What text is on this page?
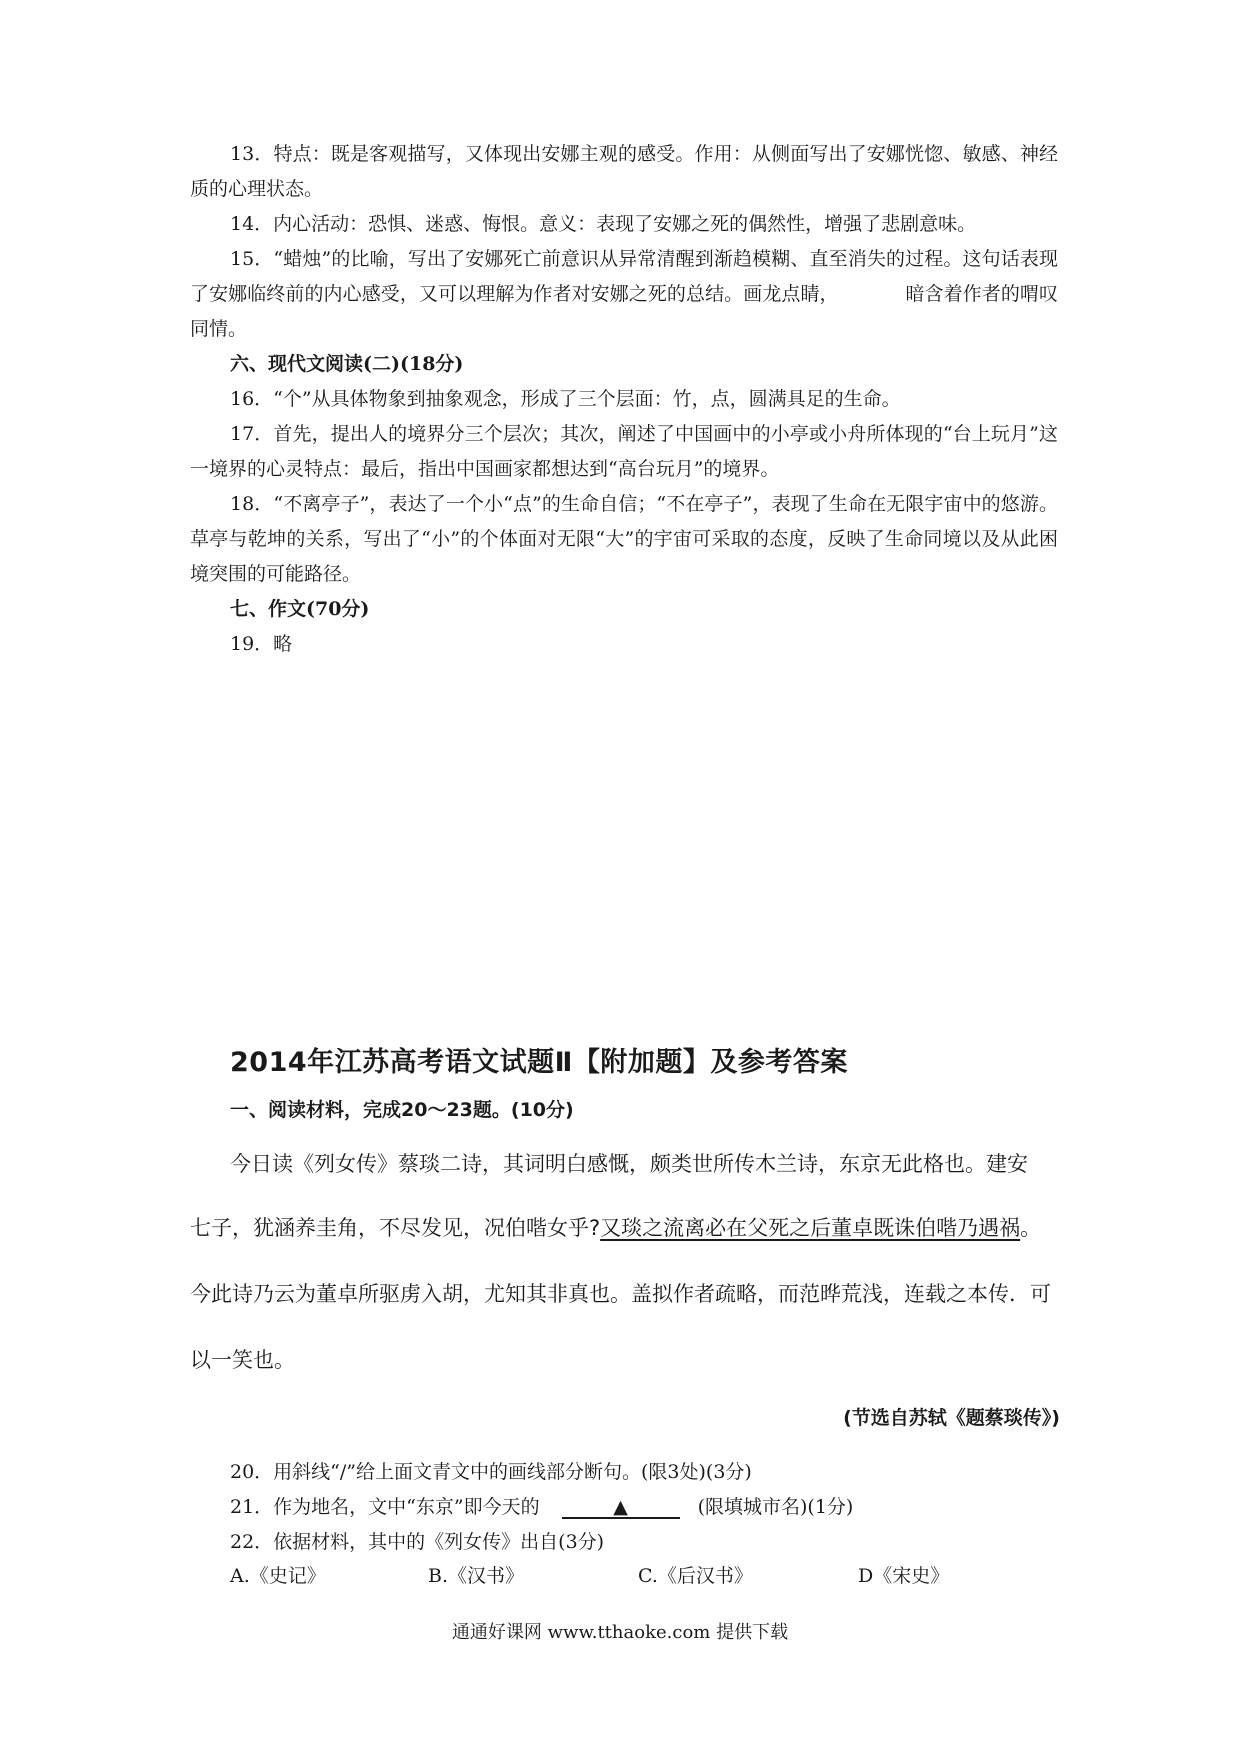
13．特点：既是客观描写，又体现出安娜主观的感受。作用：从侧面写出了安娜恍惚、敏感、神经质的心理状态。

14．内心活动：恐惧、迷惑、悔恨。意义：表现了安娜之死的偶然性，增强了悲剧意味。

15．“蜡烛”的比喻，写出了安娜死亡前意识从异常清醒到渐趋模糊、直至消失的过程。这句话表现了安娜临终前的内心感受，又可以理解为作者对安娜之死的总结。画龙点睛，　　　　暗含着作者的喟叹同情。

六、现代文阅读(二)(18分)

16．“个”从具体物象到抽象观念，形成了三个层面：竹，点，圆满具足的生命。

17．首先，提出人的境界分三个层次；其次，阐述了中国画中的小亭或小舟所体现的“台上玩月”这一境界的心灵特点：最后，指出中国画家都想达到“高台玩月”的境界。

18．“不离亭子”，表达了一个小“点”的生命自信；“不在亭子”，表现了生命在无限宇宙中的悠游。草亭与乾坤的关系，写出了“小”的个体面对无限“大”的宇宙可采取的态度，反映了生命同境以及从此困境突围的可能路径。

七、作文(70分)

19．略

2014年江苏高考语文试题Ⅱ【附加题】及参考答案

一、阅读材料，完成20～23题。(10分)

今日读《列女传》蔡琰二诗，其词明白感慨，颇类世所传木兰诗，东京无此格也。建安

七子，犹涵养圭角，不尽发见，况伯喈女乎?又琰之流离必在父死之后董卓既诛伯喈乃遇祸。

今此诗乃云为董卓所驱虏入胡，尤知其非真也。盖拟作者疏略，而范晔荒浅，连载之本传．可

以一笑也。

(节选自苏轼《题蔡琰传》)

20．用斜线“/”给上面文青文中的画线部分断句。(限3处)(3分)

21．作为地名，文中“东京”即今天的	▲	(限填城市名)(1分)

22．依据材料，其中的《列女传》出自(3分)

A.《史记》	B.《汉书》	C.《后汉书》	D《宋史》

通通好课网 www.tthaoke.com 提供下载
